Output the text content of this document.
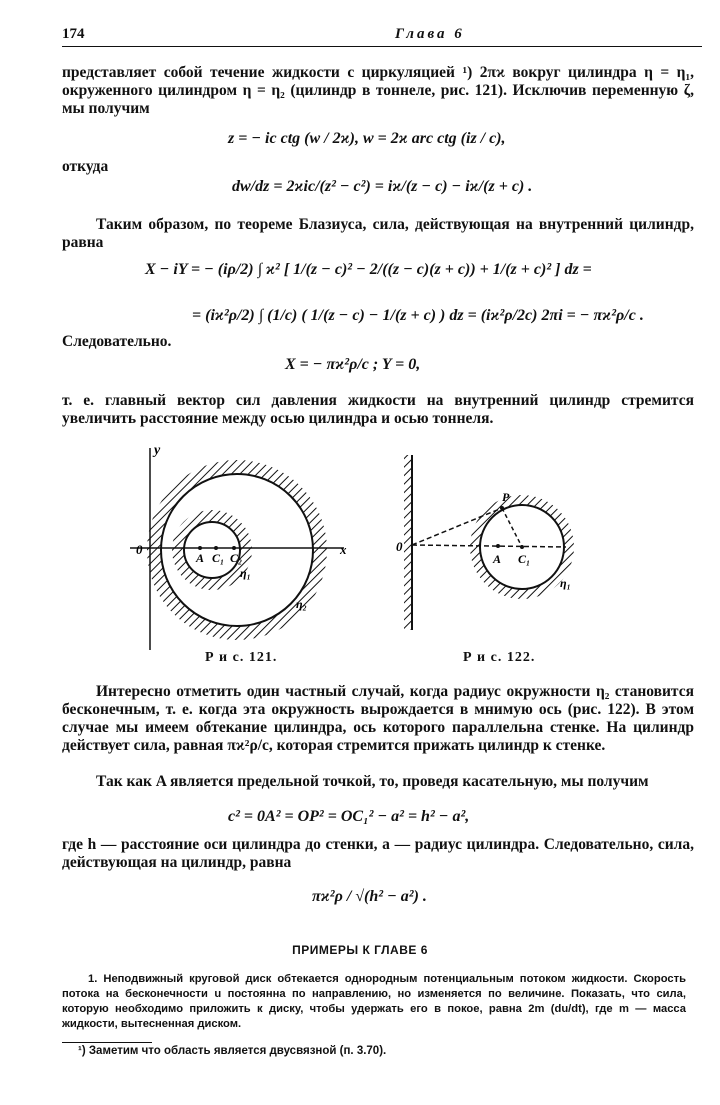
174	Глава 6
представляет собой течение жидкости с циркуляцией ¹) 2πϰ вокруг цилиндра η = η₁, окруженного цилиндром η = η₂ (цилиндр в тоннеле, рис. 121). Исключив переменную ζ, мы получим
z = − ic ctg (w / 2ϰ), w = 2ϰ arc ctg (iz / c),
откуда
dw/dz = 2ϰic/(z² − c²) = iϰ/(z − c) − iϰ/(z + c) .
Таким образом, по теореме Блазиуса, сила, действующая на внутренний цилиндр, равна
X − iY = − (iρ/2) ∫ ϰ² [ 1/(z − c)² − 2/((z − c)(z + c)) + 1/(z + c)² ] dz =
= (iϰ²ρ/2) ∫ (1/c) ( 1/(z − c) − 1/(z + c) ) dz = (iϰ²ρ/2c) 2πi = − πϰ²ρ/c .
Следовательно.
X = − πϰ²ρ/c ; Y = 0,
т. е. главный вектор сил давления жидкости на внутренний цилиндр стремится увеличить расстояние между осью цилиндра и осью тоннеля.
y
0	x
A C₁ C₂
η₁
η₂
Р и с. 121.
P
0
A C₁
η₁
Р и с. 122.
Интересно отметить один частный случай, когда радиус окружности η₂ становится бесконечным, т. е. когда эта окружность вырождается в мнимую ось (рис. 122). В этом случае мы имеем обтекание цилиндра, ось которого параллельна стенке. На цилиндр действует сила, равная πϰ²ρ/c, которая стремится прижать цилиндр к стенке.
Так как A является предельной точкой, то, проведя касательную, мы получим
c² = 0A² = OP² = OC₁² − a² = h² − a²,
где h — расстояние оси цилиндра до стенки, a — радиус цилиндра. Следовательно, сила, действующая на цилиндр, равна
πϰ²ρ / √(h² − a²) .
ПРИМЕРЫ К ГЛАВЕ 6
1. Неподвижный круговой диск обтекается однородным потенциальным потоком жидкости. Скорость потока на бесконечности u постоянна по направлению, но изменяется по величине. Показать, что сила, которую необходимо приложить к диску, чтобы удержать его в покое, равна 2m (du/dt), где m — масса жидкости, вытесненная диском.
¹) Заметим что область является двусвязной (п. 3.70).
